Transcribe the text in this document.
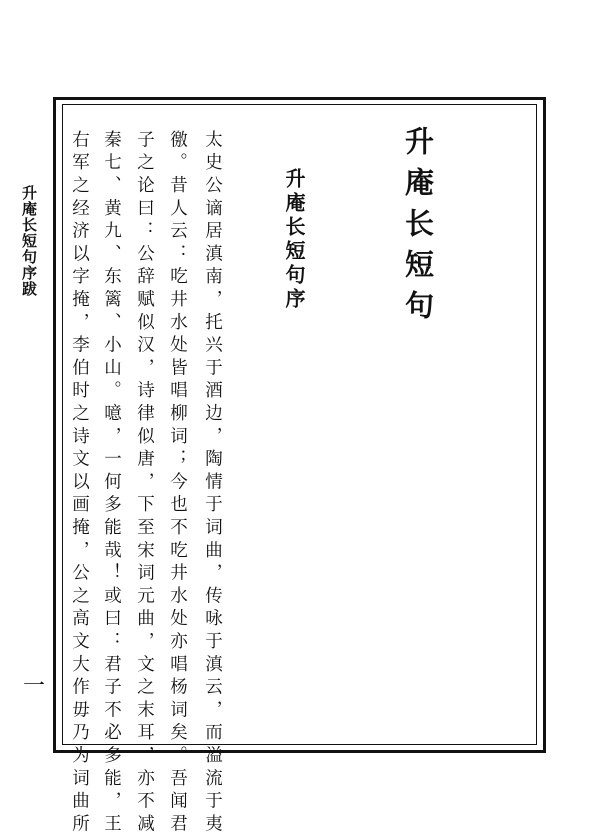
升庵长短句序跋
一
升庵长短句
升庵长短句序
太史公谪居滇南，托兴于酒边，陶情于词曲，传咏于滇云，而溢流于夷
徼。昔人云：吃井水处皆唱柳词；今也不吃井水处亦唱杨词矣。吾闻君
子之论曰：公辞赋似汉，诗律似唐，下至宋词元曲，文之末耳，亦不减
秦七、黄九、东篱、小山。噫，一何多能哉！或曰：君子不必多能，王
右军之经济以字掩，李伯时之诗文以画掩，公之高文大作毋乃为词曲所
